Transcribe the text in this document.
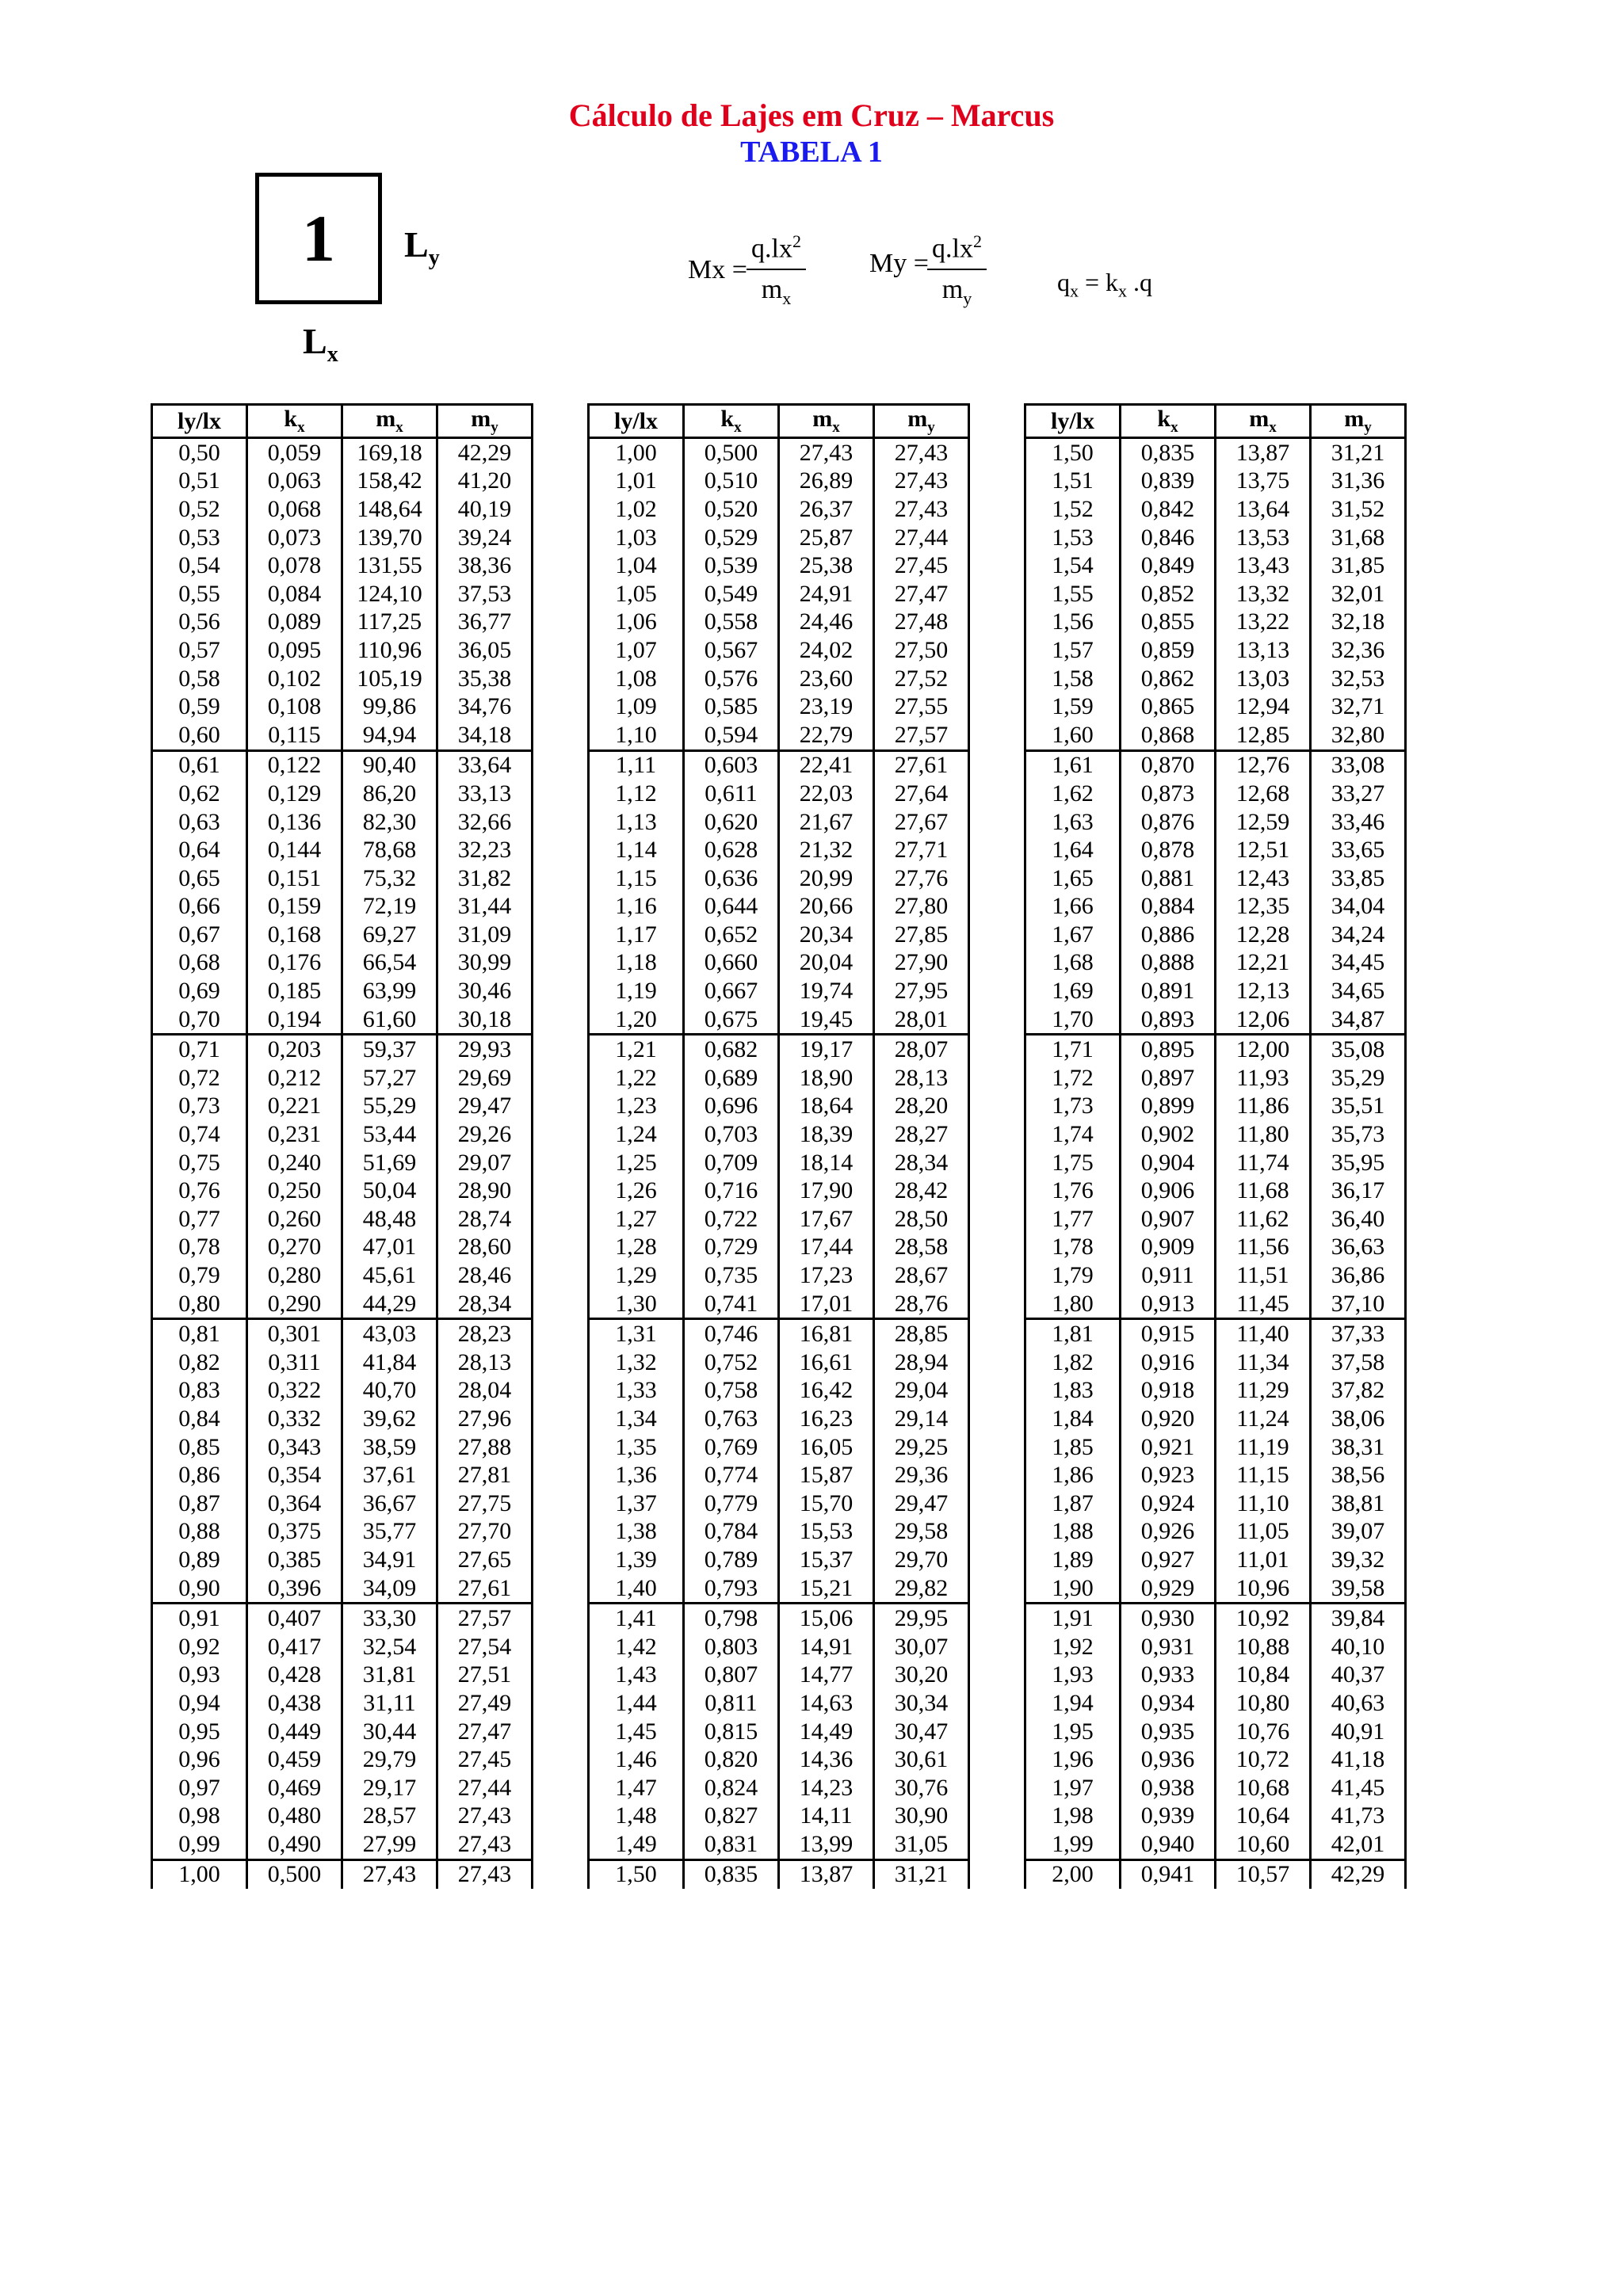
Cálculo de Lajes em Cruz – Marcus
TABELA 1
1 $L_y$
$L_x$
$Mx = \frac{q.lx^2}{m_x}$ My =
$\frac{q.lx^2}{m_y}$	$q_x = k_x$ .q
ly/lx	$k_x$	$m_x$	$m_y$
0,50	0,059	169,18	42,29
0,51	0,063	158,42	41,20
0,52	0,068	148,64	40,19
0,53	0,073	139,70	39,24
0,54	0,078	131,55	38,36
0,55	0,084	124,10	37,53
0,56	0,089	117,25	36,77
0,57	0,095	110,96	36,05
0,58	0,102	105,19	35,38
0,59	0,108	99,86	34,76
0,60	0,115	94,94	34,18
0,61	0,122	90,40	33,64
0,62	0,129	86,20	33,13
0,63	0,136	82,30	32,66
0,64	0,144	78,68	32,23
0,65	0,151	75,32	31,82
0,66	0,159	72,19	31,44
0,67	0,168	69,27	31,09
0,68	0,176	66,54	30,99
0,69	0,185	63,99	30,46
0,70	0,194	61,60	30,18
0,71	0,203	59,37	29,93
0,72	0,212	57,27	29,69
0,73	0,221	55,29	29,47
0,74	0,231	53,44	29,26
0,75	0,240	51,69	29,07
0,76	0,250	50,04	28,90
0,77	0,260	48,48	28,74
0,78	0,270	47,01	28,60
0,79	0,280	45,61	28,46
0,80	0,290	44,29	28,34
0,81	0,301	43,03	28,23
0,82	0,311	41,84	28,13
0,83	0,322	40,70	28,04
0,84	0,332	39,62	27,96
0,85	0,343	38,59	27,88
0,86	0,354	37,61	27,81
0,87	0,364	36,67	27,75
0,88	0,375	35,77	27,70
0,89	0,385	34,91	27,65
0,90	0,396	34,09	27,61
0,91	0,407	33,30	27,57
0,92	0,417	32,54	27,54
0,93	0,428	31,81	27,51
0,94	0,438	31,11	27,49
0,95	0,449	30,44	27,47
0,96	0,459	29,79	27,45
0,97	0,469	29,17	27,44
0,98	0,480	28,57	27,43
0,99	0,490	27,99	27,43
1,00	0,500	27,43	27,43
ly/lx	$k_x$	$m_x$	$m_y$
1,00	0,500	27,43	27,43
1,01	0,510	26,89	27,43
1,02	0,520	26,37	27,43
1,03	0,529	25,87	27,44
1,04	0,539	25,38	27,45
1,05	0,549	24,91	27,47
1,06	0,558	24,46	27,48
1,07	0,567	24,02	27,50
1,08	0,576	23,60	27,52
1,09	0,585	23,19	27,55
1,10	0,594	22,79	27,57
1,11	0,603	22,41	27,61
1,12	0,611	22,03	27,64
1,13	0,620	21,67	27,67
1,14	0,628	21,32	27,71
1,15	0,636	20,99	27,76
1,16	0,644	20,66	27,80
1,17	0,652	20,34	27,85
1,18	0,660	20,04	27,90
1,19	0,667	19,74	27,95
1,20	0,675	19,45	28,01
1,21	0,682	19,17	28,07
1,22	0,689	18,90	28,13
1,23	0,696	18,64	28,20
1,24	0,703	18,39	28,27
1,25	0,709	18,14	28,34
1,26	0,716	17,90	28,42
1,27	0,722	17,67	28,50
1,28	0,729	17,44	28,58
1,29	0,735	17,23	28,67
1,30	0,741	17,01	28,76
1,31	0,746	16,81	28,85
1,32	0,752	16,61	28,94
1,33	0,758	16,42	29,04
1,34	0,763	16,23	29,14
1,35	0,769	16,05	29,25
1,36	0,774	15,87	29,36
1,37	0,779	15,70	29,47
1,38	0,784	15,53	29,58
1,39	0,789	15,37	29,70
1,40	0,793	15,21	29,82
1,41	0,798	15,06	29,95
1,42	0,803	14,91	30,07
1,43	0,807	14,77	30,20
1,44	0,811	14,63	30,34
1,45	0,815	14,49	30,47
1,46	0,820	14,36	30,61
1,47	0,824	14,23	30,76
1,48	0,827	14,11	30,90
1,49	0,831	13,99	31,05
1,50	0,835	13,87	31,21
ly/lx	$k_x$	$m_x$	$m_y$
1,50	0,835	13,87	31,21
1,51	0,839	13,75	31,36
1,52	0,842	13,64	31,52
1,53	0,846	13,53	31,68
1,54	0,849	13,43	31,85
1,55	0,852	13,32	32,01
1,56	0,855	13,22	32,18
1,57	0,859	13,13	32,36
1,58	0,862	13,03	32,53
1,59	0,865	12,94	32,71
1,60	0,868	12,85	32,80
1,61	0,870	12,76	33,08
1,62	0,873	12,68	33,27
1,63	0,876	12,59	33,46
1,64	0,878	12,51	33,65
1,65	0,881	12,43	33,85
1,66	0,884	12,35	34,04
1,67	0,886	12,28	34,24
1,68	0,888	12,21	34,45
1,69	0,891	12,13	34,65
1,70	0,893	12,06	34,87
1,71	0,895	12,00	35,08
1,72	0,897	11,93	35,29
1,73	0,899	11,86	35,51
1,74	0,902	11,80	35,73
1,75	0,904	11,74	35,95
1,76	0,906	11,68	36,17
1,77	0,907	11,62	36,40
1,78	0,909	11,56	36,63
1,79	0,911	11,51	36,86
1,80	0,913	11,45	37,10
1,81	0,915	11,40	37,33
1,82	0,916	11,34	37,58
1,83	0,918	11,29	37,82
1,84	0,920	11,24	38,06
1,85	0,921	11,19	38,31
1,86	0,923	11,15	38,56
1,87	0,924	11,10	38,81
1,88	0,926	11,05	39,07
1,89	0,927	11,01	39,32
1,90	0,929	10,96	39,58
1,91	0,930	10,92	39,84
1,92	0,931	10,88	40,10
1,93	0,933	10,84	40,37
1,94	0,934	10,80	40,63
1,95	0,935	10,76	40,91
1,96	0,936	10,72	41,18
1,97	0,938	10,68	41,45
1,98	0,939	10,64	41,73
1,99	0,940	10,60	42,01
2,00	0,941	10,57	42,29
